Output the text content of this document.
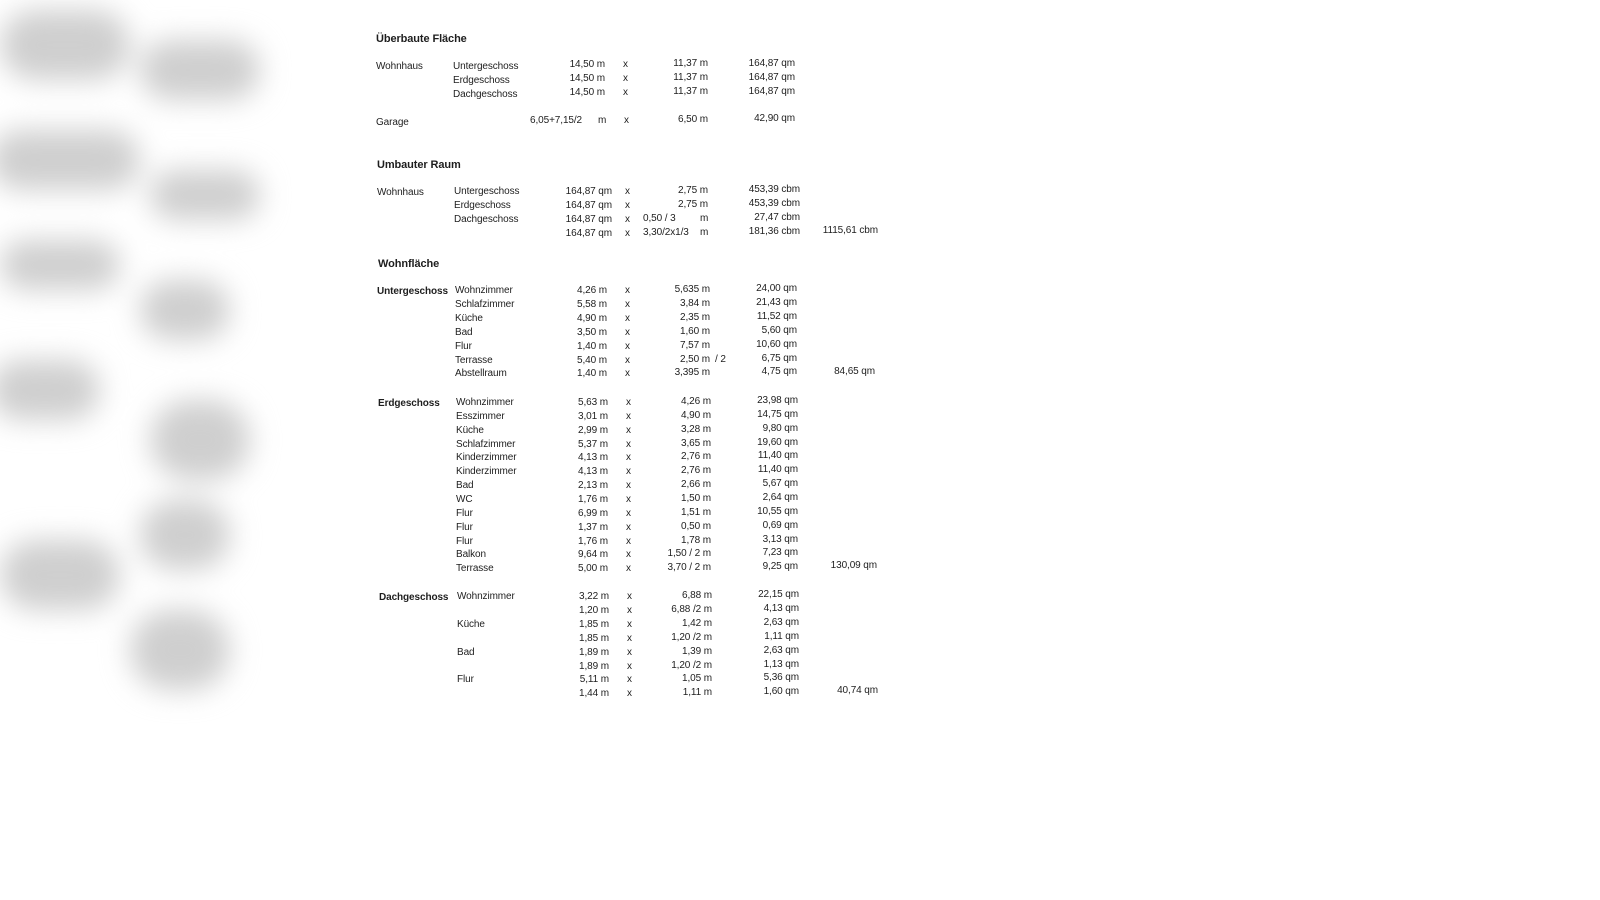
Überbaute Fläche
Wohnhaus	Untergeschoss	14,50 m x	11,37 m	164,87 qm
Erdgeschoss	14,50 m x	11,37 m	164,87 qm
Dachgeschoss	14,50 m x	11,37 m	164,87 qm
Garage	6,05+7,15/2 m x	6,50 m	42,90 qm
Umbauter Raum
Wohnhaus	Untergeschoss	164,87 qm x	2,75 m	453,39 cbm
Erdgeschoss	164,87 qm x	2,75 m	453,39 cbm
Dachgeschoss	164,87 qm x 0,50 / 3 m	27,47 cbm
164,87 qm x 3,30/2x1/3 m	181,36 cbm	1115,61 cbm
Wohnfläche
Untergeschoss Wohnzimmer	4,26 m x	5,635 m	24,00 qm
Schlafzimmer	5,58 m x	3,84 m	21,43 qm
Küche	4,90 m x	2,35 m	11,52 qm
Bad	3,50 m x	1,60 m	5,60 qm
Flur	1,40 m x	7,57 m	10,60 qm
Terrasse	5,40 m x	2,50 m / 2	6,75 qm
Abstellraum	1,40 m x	3,395 m	4,75 qm	84,65 qm
Erdgeschoss Wohnzimmer	5,63 m x	4,26 m	23,98 qm
Esszimmer	3,01 m x	4,90 m	14,75 qm
Küche	2,99 m x	3,28 m	9,80 qm
Schlafzimmer	5,37 m x	3,65 m	19,60 qm
Kinderzimmer	4,13 m x	2,76 m	11,40 qm
Kinderzimmer	4,13 m x	2,76 m	11,40 qm
Bad	2,13 m x	2,66 m	5,67 qm
WC	1,76 m x	1,50 m	2,64 qm
Flur	6,99 m x	1,51 m	10,55 qm
Flur	1,37 m x	0,50 m	0,69 qm
Flur	1,76 m x	1,78 m	3,13 qm
Balkon	9,64 m x	1,50 / 2 m	7,23 qm
Terrasse	5,00 m x	3,70 / 2 m	9,25 qm	130,09 qm
Dachgeschoss Wohnzimmer	3,22 m x	6,88 m	22,15 qm
1,20 m x	6,88 /2 m	4,13 qm
Küche	1,85 m x	1,42 m	2,63 qm
1,85 m x	1,20 /2 m	1,11 qm
Bad	1,89 m x	1,39 m	2,63 qm
1,89 m x	1,20 /2 m	1,13 qm
Flur	5,11 m x	1,05 m	5,36 qm
1,44 m x	1,11 m	1,60 qm	40,74 qm
